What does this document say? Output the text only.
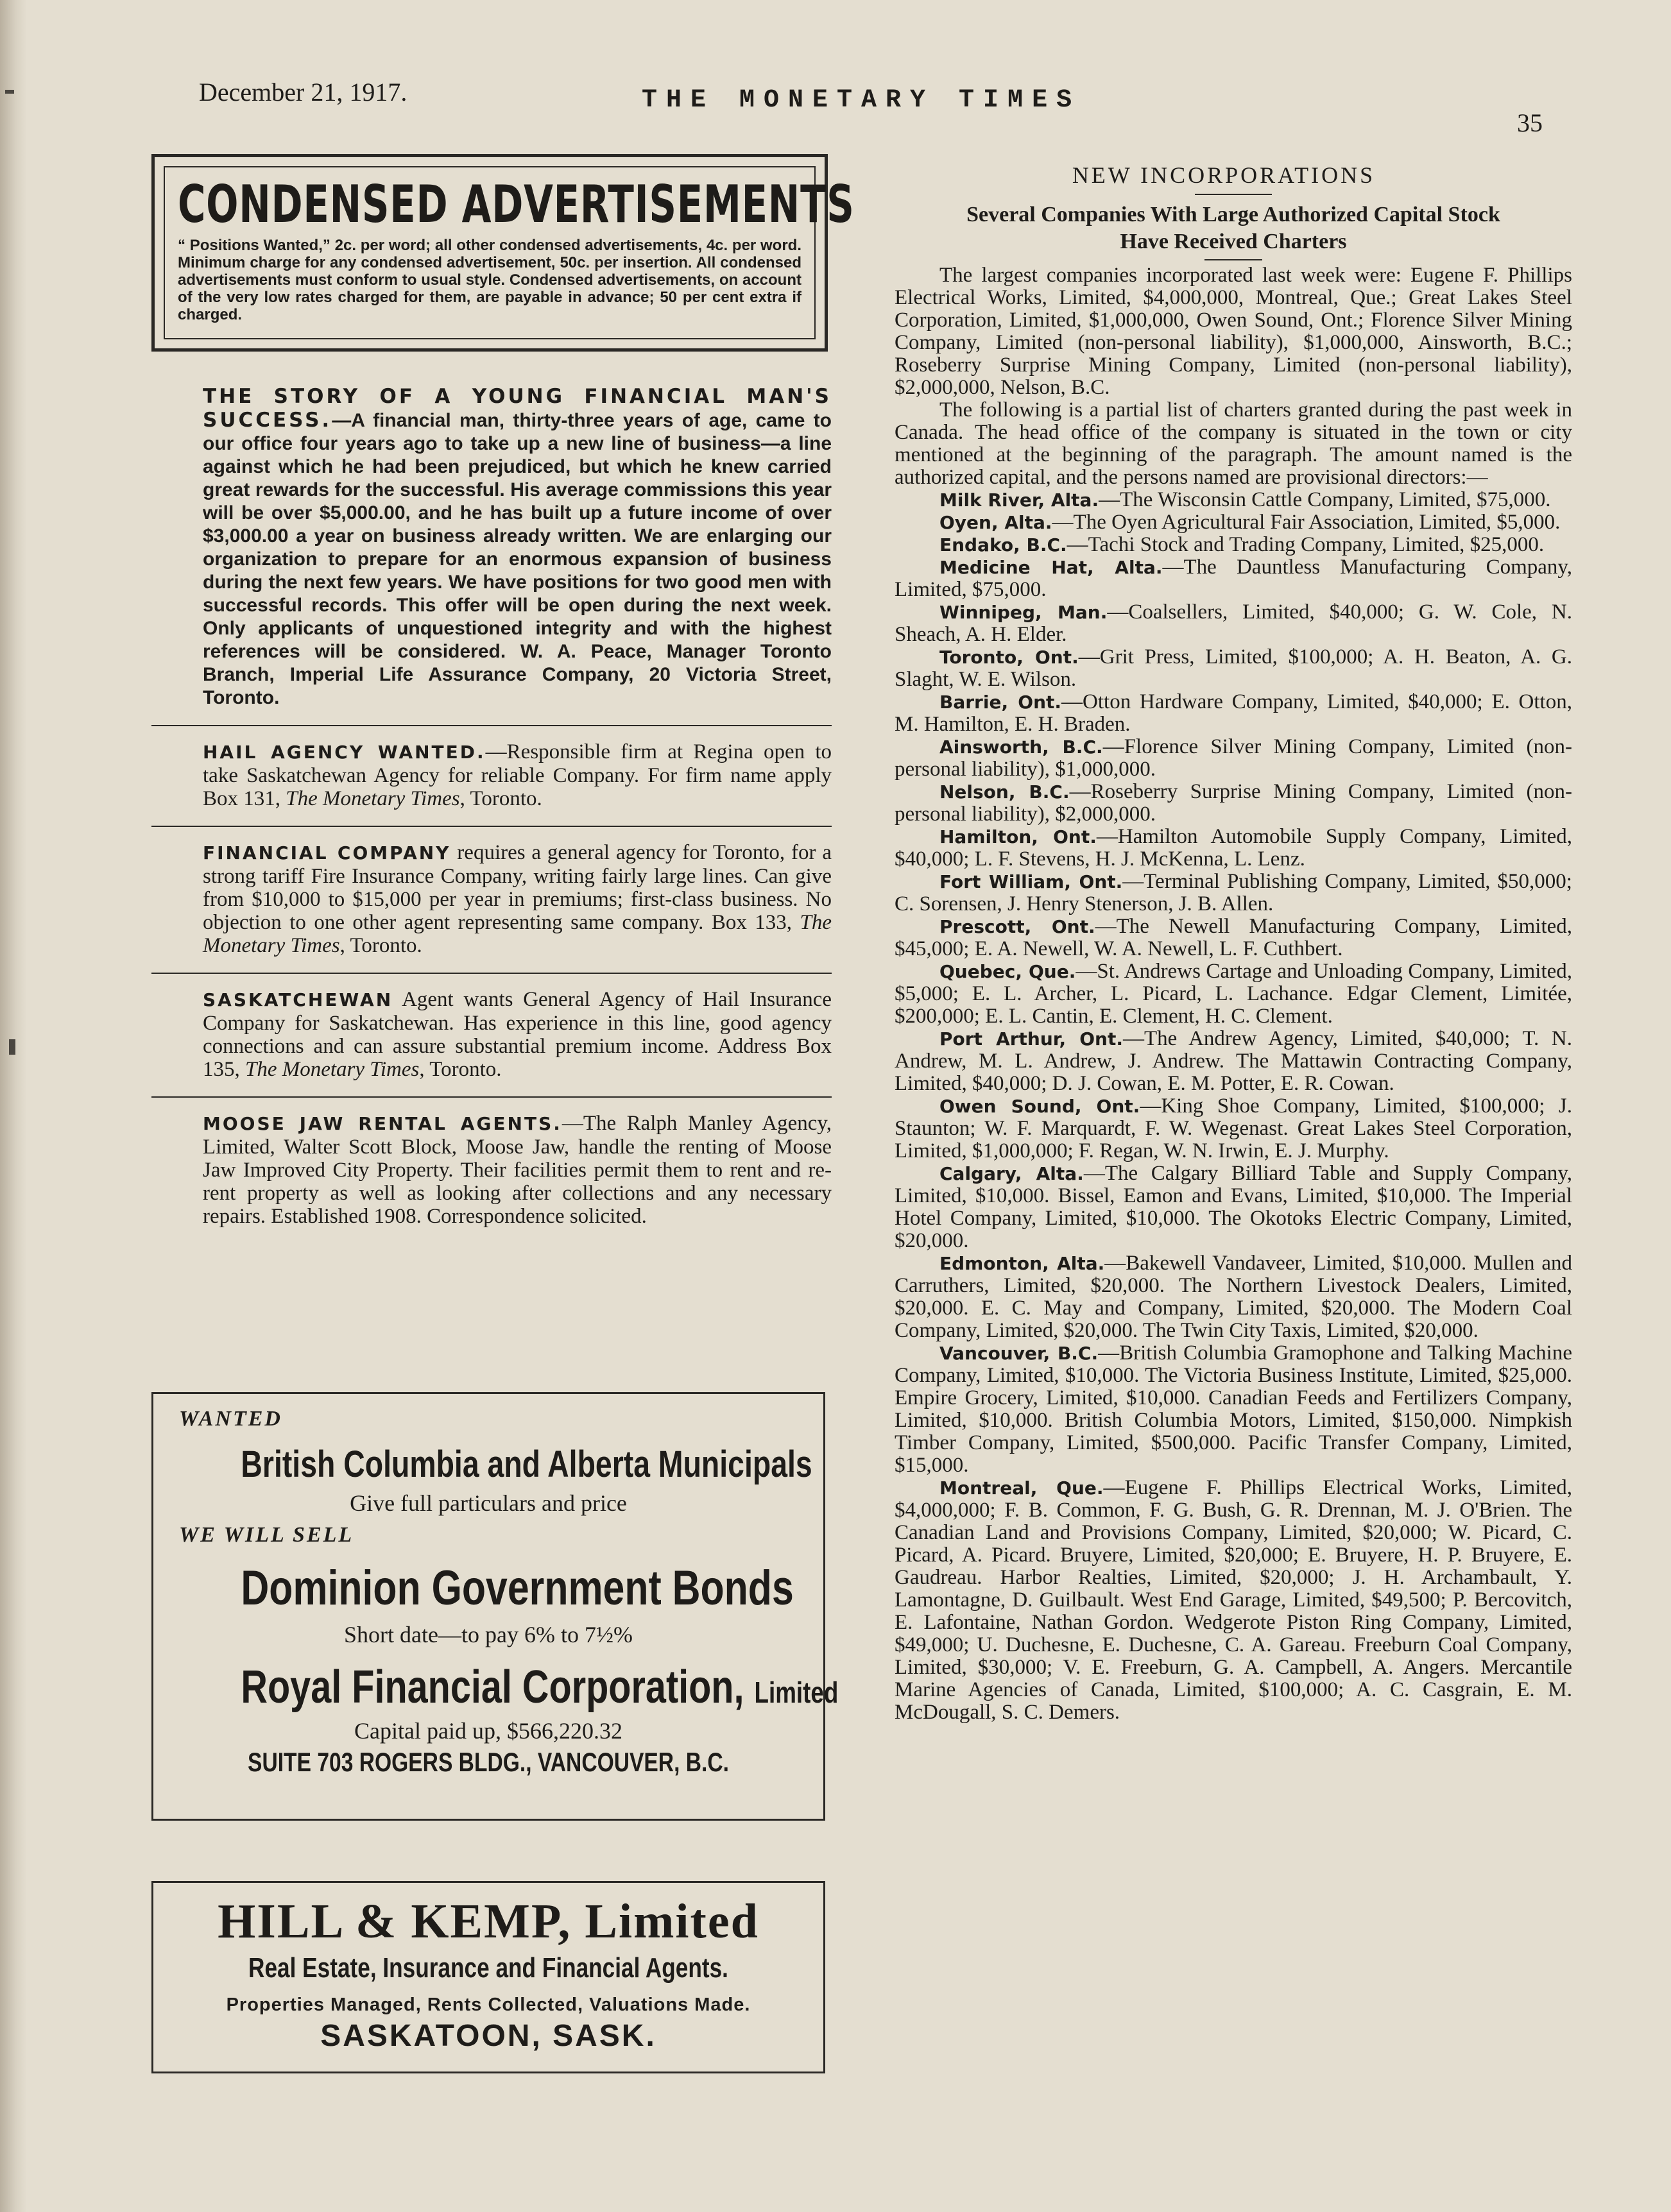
December 21, 1917.	THE MONETARY TIMES
35
CONDENSED ADVERTISEMENTS
“ Positions Wanted,” 2c. per word; all other condensed advertisements, 4c. per word. Minimum charge for any condensed advertisement, 50c. per insertion. All condensed advertisements must conform to usual style. Condensed advertisements, on account of the very low rates charged for them, are payable in advance; 50 per cent extra if charged.

THE STORY OF A YOUNG FINANCIAL MAN'S SUCCESS.—A financial man, thirty-three years of age, came to our office four years ago to take up a new line of business—a line against which he had been prejudiced, but which he knew carried great rewards for the successful. His average commissions this year will be over $5,000.00, and he has built up a future income of over $3,000.00 a year on business already written. We are enlarging our organization to prepare for an enormous expansion of business during the next few years. We have positions for two good men with successful records. This offer will be open during the next week. Only applicants of unquestioned integrity and with the highest references will be considered. W. A. Peace, Manager Toronto Branch, Imperial Life Assurance Company, 20 Victoria Street, Toronto.

HAIL AGENCY WANTED.—Responsible firm at Regina open to take Saskatchewan Agency for reliable Company. For firm name apply Box 131, The Monetary Times, Toronto.

FINANCIAL COMPANY requires a general agency for Toronto, for a strong tariff Fire Insurance Company, writing fairly large lines. Can give from $10,000 to $15,000 per year in premiums; first-class business. No objection to one other agent representing same company. Box 133, The Monetary Times, Toronto.

SASKATCHEWAN Agent wants General Agency of Hail Insurance Company for Saskatchewan. Has experience in this line, good agency connections and can assure substantial premium income. Address Box 135, The Monetary Times, Toronto.

MOOSE JAW RENTAL AGENTS.—The Ralph Manley Agency, Limited, Walter Scott Block, Moose Jaw, handle the renting of Moose Jaw Improved City Property. Their facilities permit them to rent and re-rent property as well as looking after collections and any necessary repairs. Established 1908. Correspondence solicited.

WANTED
British Columbia and Alberta Municipals
Give full particulars and price
WE WILL SELL
Dominion Government Bonds
Short date—to pay 6% to 7½%
Royal Financial Corporation, Limited
Capital paid up, $566,220.32
SUITE 703 ROGERS BLDG., VANCOUVER, B.C.
HILL & KEMP, Limited
Real Estate, Insurance and Financial Agents.
Properties Managed, Rents Collected, Valuations Made.
SASKATOON, SASK.
NEW INCORPORATIONS
Several Companies With Large Authorized Capital Stock
Have Received Charters

The largest companies incorporated last week were: Eugene F. Phillips Electrical Works, Limited, $4,000,000, Montreal, Que.; Great Lakes Steel Corporation, Limited, $1,000,000, Owen Sound, Ont.; Florence Silver Mining Company, Limited (non-personal liability), $1,000,000, Ainsworth, B.C.; Roseberry Surprise Mining Company, Limited (non-personal liability), $2,000,000, Nelson, B.C.

The following is a partial list of charters granted during the past week in Canada. The head office of the company is situated in the town or city mentioned at the beginning of the paragraph. The amount named is the authorized capital, and the persons named are provisional directors:—

Milk River, Alta.—The Wisconsin Cattle Company, Limited, $75,000.

Oyen, Alta.—The Oyen Agricultural Fair Association, Limited, $5,000.

Endako, B.C.—Tachi Stock and Trading Company, Limited, $25,000.

Medicine Hat, Alta.—The Dauntless Manufacturing Company, Limited, $75,000.

Winnipeg, Man.—Coalsellers, Limited, $40,000; G. W. Cole, N. Sheach, A. H. Elder.

Toronto, Ont.—Grit Press, Limited, $100,000; A. H. Beaton, A. G. Slaght, W. E. Wilson.

Barrie, Ont.—Otton Hardware Company, Limited, $40,000; E. Otton, M. Hamilton, E. H. Braden.

Ainsworth, B.C.—Florence Silver Mining Company, Limited (non-personal liability), $1,000,000.

Nelson, B.C.—Roseberry Surprise Mining Company, Limited (non-personal liability), $2,000,000.

Hamilton, Ont.—Hamilton Automobile Supply Company, Limited, $40,000; L. F. Stevens, H. J. McKenna, L. Lenz.

Fort William, Ont.—Terminal Publishing Company, Limited, $50,000; C. Sorensen, J. Henry Stenerson, J. B. Allen.

Prescott, Ont.—The Newell Manufacturing Company, Limited, $45,000; E. A. Newell, W. A. Newell, L. F. Cuthbert.

Quebec, Que.—St. Andrews Cartage and Unloading Company, Limited, $5,000; E. L. Archer, L. Picard, L. Lachance. Edgar Clement, Limitée, $200,000; E. L. Cantin, E. Clement, H. C. Clement.

Port Arthur, Ont.—The Andrew Agency, Limited, $40,000; T. N. Andrew, M. L. Andrew, J. Andrew. The Mattawin Contracting Company, Limited, $40,000; D. J. Cowan, E. M. Potter, E. R. Cowan.

Owen Sound, Ont.—King Shoe Company, Limited, $100,000; J. Staunton; W. F. Marquardt, F. W. Wegenast. Great Lakes Steel Corporation, Limited, $1,000,000; F. Regan, W. N. Irwin, E. J. Murphy.

Calgary, Alta.—The Calgary Billiard Table and Supply Company, Limited, $10,000. Bissel, Eamon and Evans, Limited, $10,000. The Imperial Hotel Company, Limited, $10,000. The Okotoks Electric Company, Limited, $20,000.

Edmonton, Alta.—Bakewell Vandaveer, Limited, $10,000. Mullen and Carruthers, Limited, $20,000. The Northern Livestock Dealers, Limited, $20,000. E. C. May and Company, Limited, $20,000. The Modern Coal Company, Limited, $20,000. The Twin City Taxis, Limited, $20,000.

Vancouver, B.C.—British Columbia Gramophone and Talking Machine Company, Limited, $10,000. The Victoria Business Institute, Limited, $25,000. Empire Grocery, Limited, $10,000. Canadian Feeds and Fertilizers Company, Limited, $10,000. British Columbia Motors, Limited, $150,000. Nimpkish Timber Company, Limited, $500,000. Pacific Transfer Company, Limited, $15,000.

Montreal, Que.—Eugene F. Phillips Electrical Works, Limited, $4,000,000; F. B. Common, F. G. Bush, G. R. Drennan, M. J. O'Brien. The Canadian Land and Provisions Company, Limited, $20,000; W. Picard, C. Picard, A. Picard. Bruyere, Limited, $20,000; E. Bruyere, H. P. Bruyere, E. Gaudreau. Harbor Realties, Limited, $20,000; J. H. Archambault, Y. Lamontagne, D. Guilbault. West End Garage, Limited, $49,500; P. Bercovitch, E. Lafontaine, Nathan Gordon. Wedgerote Piston Ring Company, Limited, $49,000; U. Duchesne, E. Duchesne, C. A. Gareau. Freeburn Coal Company, Limited, $30,000; V. E. Freeburn, G. A. Campbell, A. Angers. Mercantile Marine Agencies of Canada, Limited, $100,000; A. C. Casgrain, E. M. McDougall, S. C. Demers.
